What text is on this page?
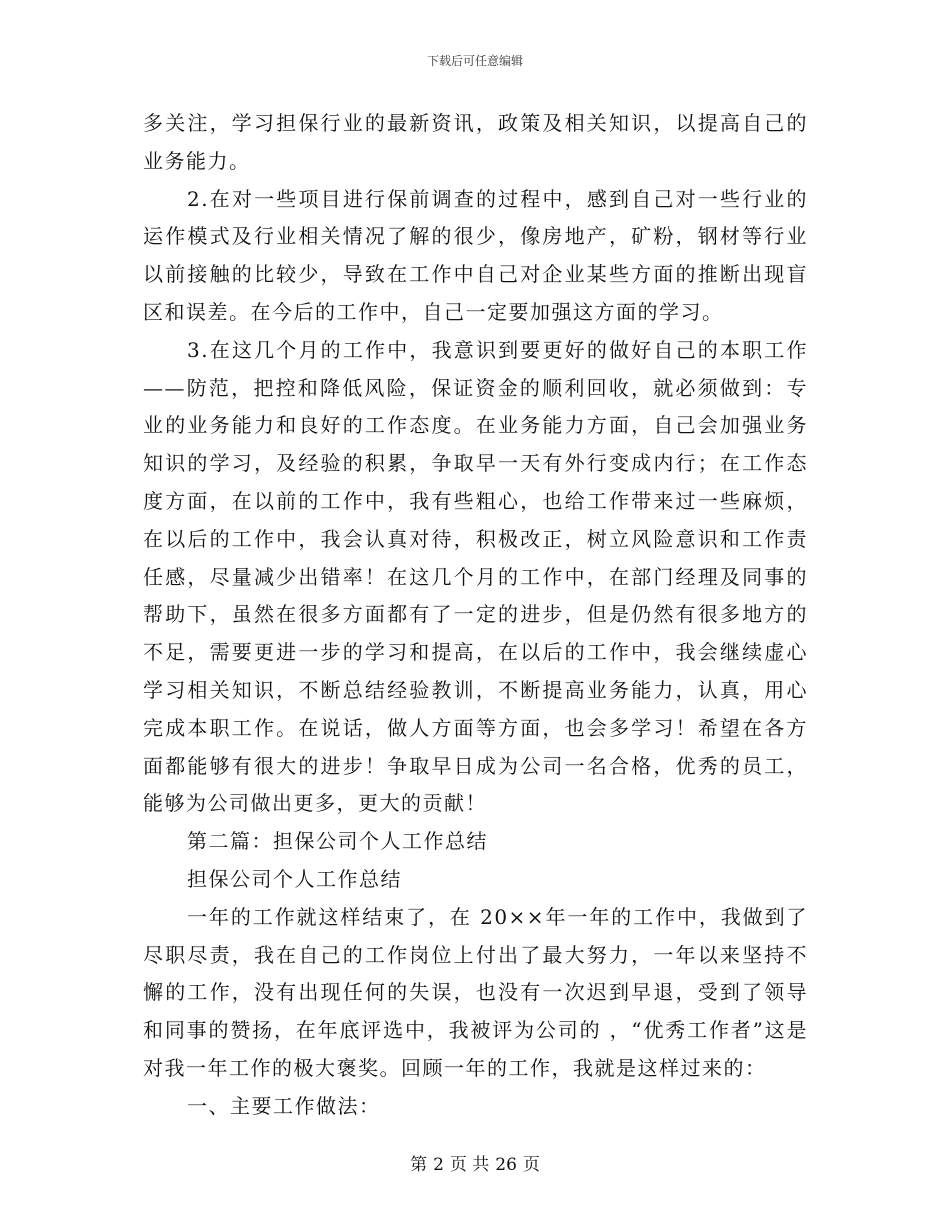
下载后可任意编辑

多关注，学习担保行业的最新资讯，政策及相关知识，以提高自己的业务能力。

2.在对一些项目进行保前调查的过程中，感到自己对一些行业的运作模式及行业相关情况了解的很少，像房地产，矿粉，钢材等行业以前接触的比较少，导致在工作中自己对企业某些方面的推断出现盲区和误差。在今后的工作中，自己一定要加强这方面的学习。

3.在这几个月的工作中，我意识到要更好的做好自己的本职工作——防范，把控和降低风险，保证资金的顺利回收，就必须做到：专业的业务能力和良好的工作态度。在业务能力方面，自己会加强业务知识的学习，及经验的积累，争取早一天有外行变成内行；在工作态度方面，在以前的工作中，我有些粗心，也给工作带来过一些麻烦，在以后的工作中，我会认真对待，积极改正，树立风险意识和工作责任感，尽量减少出错率！在这几个月的工作中，在部门经理及同事的帮助下，虽然在很多方面都有了一定的进步，但是仍然有很多地方的不足，需要更进一步的学习和提高，在以后的工作中，我会继续虚心学习相关知识，不断总结经验教训，不断提高业务能力，认真，用心完成本职工作。在说话，做人方面等方面，也会多学习！希望在各方面都能够有很大的进步！争取早日成为公司一名合格，优秀的员工，能够为公司做出更多，更大的贡献！

第二篇：担保公司个人工作总结

担保公司个人工作总结

一年的工作就这样结束了，在 20××年一年的工作中，我做到了尽职尽责，我在自己的工作岗位上付出了最大努力，一年以来坚持不懈的工作，没有出现任何的失误，也没有一次迟到早退，受到了领导和同事的赞扬，在年底评选中，我被评为公司的 ，“优秀工作者”这是对我一年工作的极大褒奖。回顾一年的工作，我就是这样过来的：

一、主要工作做法：

第 2 页 共 26 页
